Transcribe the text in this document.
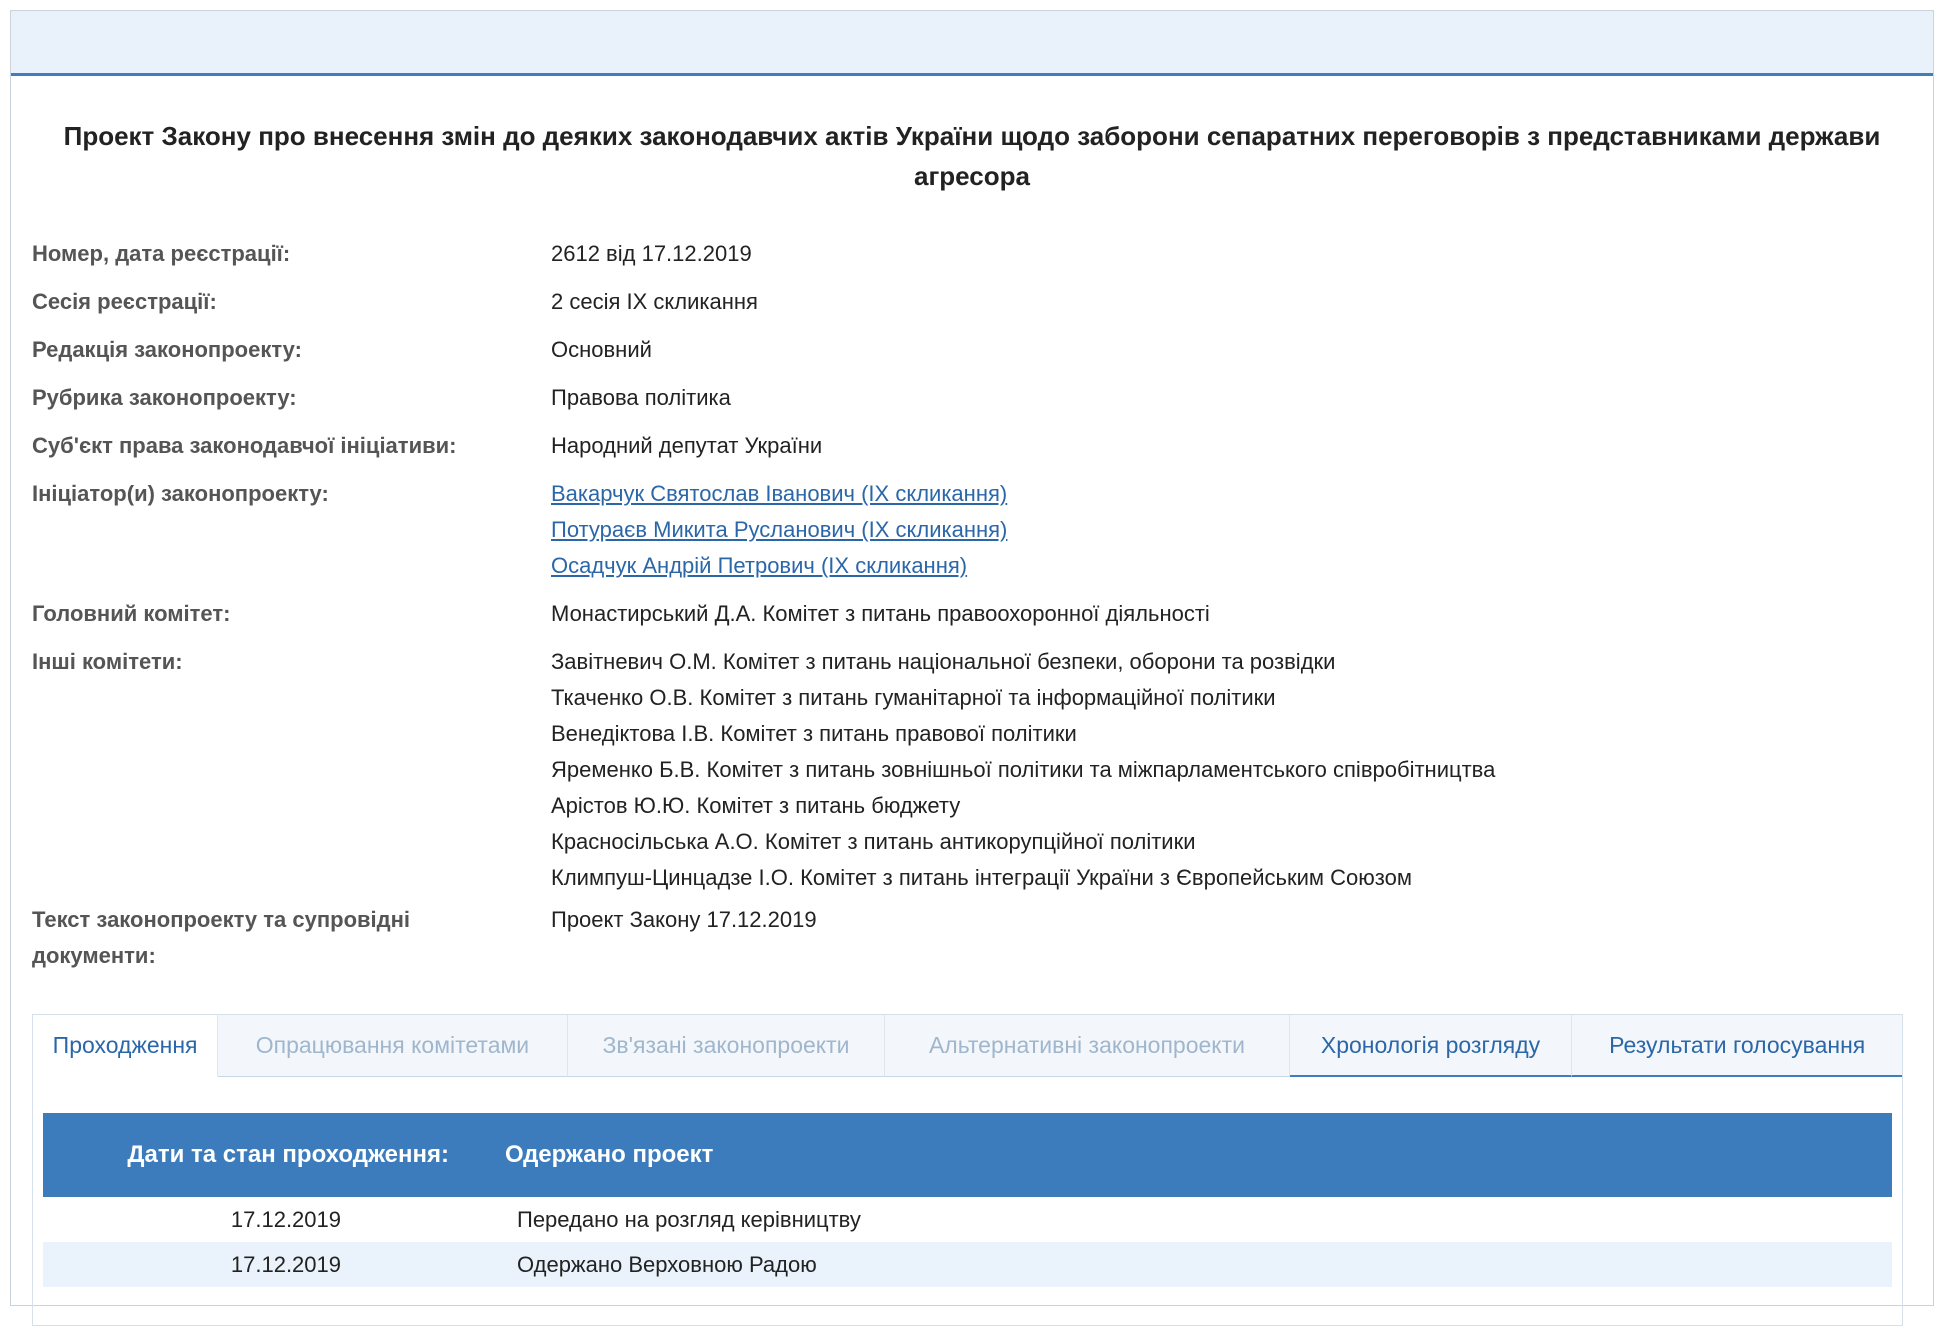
Проект Закону про внесення змін до деяких законодавчих актів України щодо заборони сепаратних переговорів з представниками держави агресора
Номер, дата реєстрації:	2612 від 17.12.2019
Сесія реєстрації:	2 сесія IX скликання
Редакція законопроекту:	Основний
Рубрика законопроекту:	Правова політика
Суб'єкт права законодавчої ініціативи:	Народний депутат України
Ініціатор(и) законопроекту:	Вакарчук Святослав Іванович (IX скликання)
Потураєв Микита Русланович (IX скликання)
Осадчук Андрій Петрович (IX скликання)
Головний комітет:	Монастирський Д.А. Комітет з питань правоохоронної діяльності
Інші комітети:	Завітневич О.М. Комітет з питань національної безпеки, оборони та розвідки
Ткаченко О.В. Комітет з питань гуманітарної та інформаційної політики
Венедіктова І.В. Комітет з питань правової політики
Яременко Б.В. Комітет з питань зовнішньої політики та міжпарламентського співробітництва
Арістов Ю.Ю. Комітет з питань бюджету
Красносільська А.О. Комітет з питань антикорупційної політики
Климпуш-Цинцадзе І.О. Комітет з питань інтеграції України з Європейським Союзом
Текст законопроекту та супровідні
документи:
Проект Закону 17.12.2019
Проходження	Опрацювання комітетами	Зв'язані законопроекти	Альтернативні законопроекти	Хронологія розгляду	Результати голосування
Дати та стан проходження:	Одержано проект
17.12.2019	Передано на розгляд керівництву
17.12.2019	Одержано Верховною Радою
